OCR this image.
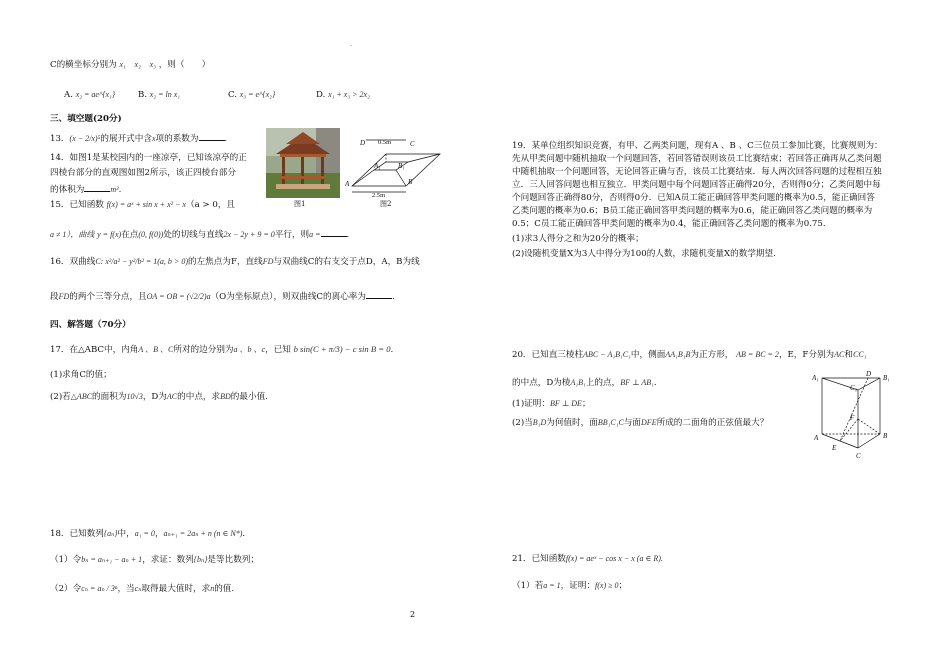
.
C的横坐标分别为 x₁ x₂ x₃ ，则（　　）
A. x₂ = ae^{x₁}	B. x₂ = ln x₁	C. x₃ = e^{x₂}	D. x₁ + x₃ > 2x₂
三、填空题(20分)
13．(x − 2/x)⁵的展开式中含x项的系数为	.
14．如图1是某校园内的一座凉亭，已知该凉亭的正
四棱台部分的直观图如图2所示，该正四棱台部分
的体积为	m³.
图1
0.5m
2.5m
D	C
A₁ B₁
A	B
图2
15．已知函数 f(x) = aˣ + sin x + x² − x（a > 0，且
a ≠ 1），曲线 y = f(x)在点(0, f(0))处的切线与直线2x − 2y + 9 = 0平行，则a =	.
16．双曲线C: x²/a² − y²/b² = 1(a, b > 0)的左焦点为F，直线FD与双曲线C的右支交于点D，A，B为线
段FD的两个三等分点，且OA = OB = (√2/2)a（O为坐标原点），则双曲线C的离心率为	.
四、解答题（70分）
17．在△ABC中，内角A 、B 、C所对的边分别为a 、b 、c，已知 b sin(C + π/3) − c sin B = 0.
(1)求角C的值；
(2)若△ABC的面积为10√3，D为AC的中点，求BD的最小值.
18．已知数列{aₙ}中，a₁ = 0，aₙ₊₁ = 2aₙ + n (n ∈ N*).
（1）令bₙ = aₙ₊₁ − aₙ + 1，求证：数列{bₙ}是等比数列；
（2）令cₙ = aₙ / 3ⁿ，当cₙ取得最大值时，求n的值.
19．某单位组织知识竞赛，有甲、乙两类问题，现有A 、B 、C三位员工参加比赛，比赛规则为：
先从甲类问题中随机抽取一个问题回答，若回答错误则该员工比赛结束；若回答正确再从乙类问题
中随机抽取一个问题回答，无论回答正确与否，该员工比赛结束．每人两次回答问题的过程相互独
立．三人回答问题也相互独立．甲类问题中每个问题回答正确得20分，否则得0分；乙类问题中每
个问题回答正确得80分，否则得0分．已知A员工能正确回答甲类问题的概率为0.5，能正确回答
乙类问题的概率为0.6；B员工能正确回答甲类问题的概率为0.6，能正确回答乙类问题的概率为
0.5；C员工能正确回答甲类问题的概率为0.4，能正确回答乙类问题的概率为0.75．
(1)求3人得分之和为20分的概率；
(2)设随机变量X为3人中得分为100的人数，求随机变量X的数学期望.
20．已知直三棱柱ABC − A₁B₁C₁中，侧面AA₁B₁B为正方形， AB = BC = 2，E，F分别为AC和CC₁
的中点，D为棱A₁B₁上的点，BF ⊥ AB₁.
(1)证明：BF ⊥ DE；
(2)当B₁D为何值时，面BB₁C₁C与面DFE所成的二面角的正弦值最大？
A₁	D B₁
C₁
F
A	B
E
C
21．已知函数f(x) = aeˣ − cos x − x (a ∈ R).
（1）若a = 1，证明：f(x) ≥ 0；
2
